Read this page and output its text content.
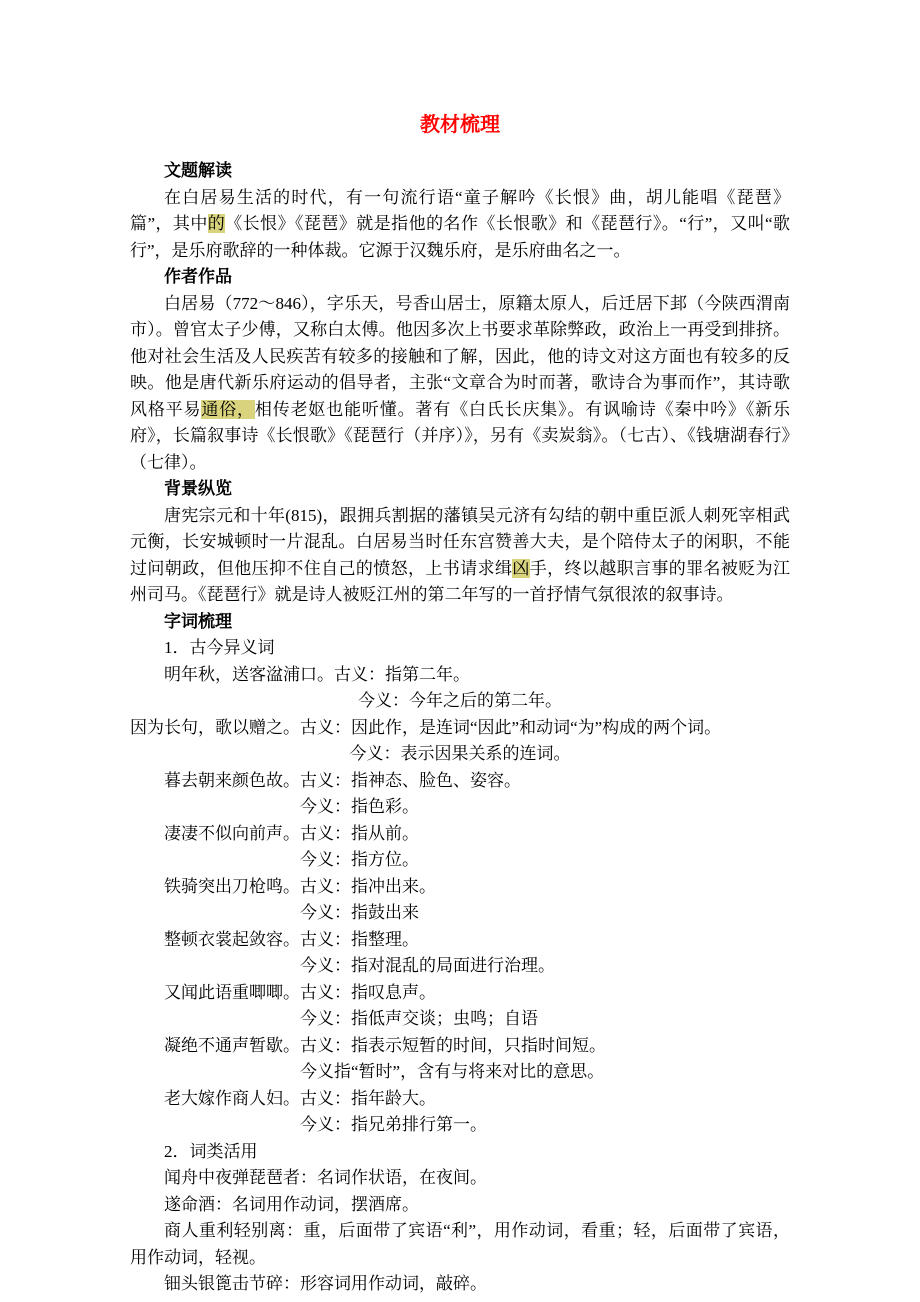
教材梳理
文题解读

在白居易生活的时代，有一句流行语“童子解吟《长恨》曲，胡儿能唱《琵琶》篇”，其中的《长恨》《琵琶》就是指他的名作《长恨歌》和《琵琶行》。“行”，又叫“歌行”，是乐府歌辞的一种体裁。它源于汉魏乐府，是乐府曲名之一。

作者作品

白居易（772～846），字乐天，号香山居士，原籍太原人，后迁居下邽（今陕西渭南市）。曾官太子少傅，又称白太傅。他因多次上书要求革除弊政，政治上一再受到排挤。他对社会生活及人民疾苦有较多的接触和了解，因此，他的诗文对这方面也有较多的反映。他是唐代新乐府运动的倡导者，主张“文章合为时而著，歌诗合为事而作”，其诗歌风格平易通俗，相传老妪也能听懂。著有《白氏长庆集》。有讽喻诗《秦中吟》《新乐府》，长篇叙事诗《长恨歌》《琵琶行（并序）》，另有《卖炭翁》。（七古）、《钱塘湖春行》（七律）。

背景纵览

唐宪宗元和十年(815)，跟拥兵割据的藩镇吴元济有勾结的朝中重臣派人刺死宰相武元衡，长安城顿时一片混乱。白居易当时任东宫赞善大夫，是个陪侍太子的闲职，不能过问朝政，但他压抑不住自己的愤怒，上书请求缉凶手，终以越职言事的罪名被贬为江州司马。《琵琶行》就是诗人被贬江州的第二年写的一首抒情气氛很浓的叙事诗。

字词梳理
1．古今异义词
明年秋，送客湓浦口。古义：指第二年。
今义：今年之后的第二年。
因为长句，歌以赠之。古义：因此作，是连词“因此”和动词“为”构成的两个词。
今义：表示因果关系的连词。
暮去朝来颜色故。古义：指神态、脸色、姿容。
今义：指色彩。
凄凄不似向前声。古义：指从前。
今义：指方位。
铁骑突出刀枪鸣。古义：指冲出来。
今义：指鼓出来
整顿衣裳起敛容。古义：指整理。
今义：指对混乱的局面进行治理。
又闻此语重唧唧。古义：指叹息声。
今义：指低声交谈；虫鸣；自语
凝绝不通声暂歇。古义：指表示短暂的时间，只指时间短。
今义指“暂时”，含有与将来对比的意思。
老大嫁作商人妇。古义：指年龄大。
今义：指兄弟排行第一。
2．词类活用
闻舟中夜弹琵琶者：名词作状语，在夜间。
遂命酒：名词用作动词，摆酒席。

商人重利轻别离：重，后面带了宾语“利”，用作动词，看重；轻，后面带了宾语，用作动词，轻视。

钿头银篦击节碎：形容词用作动词，敲碎。
